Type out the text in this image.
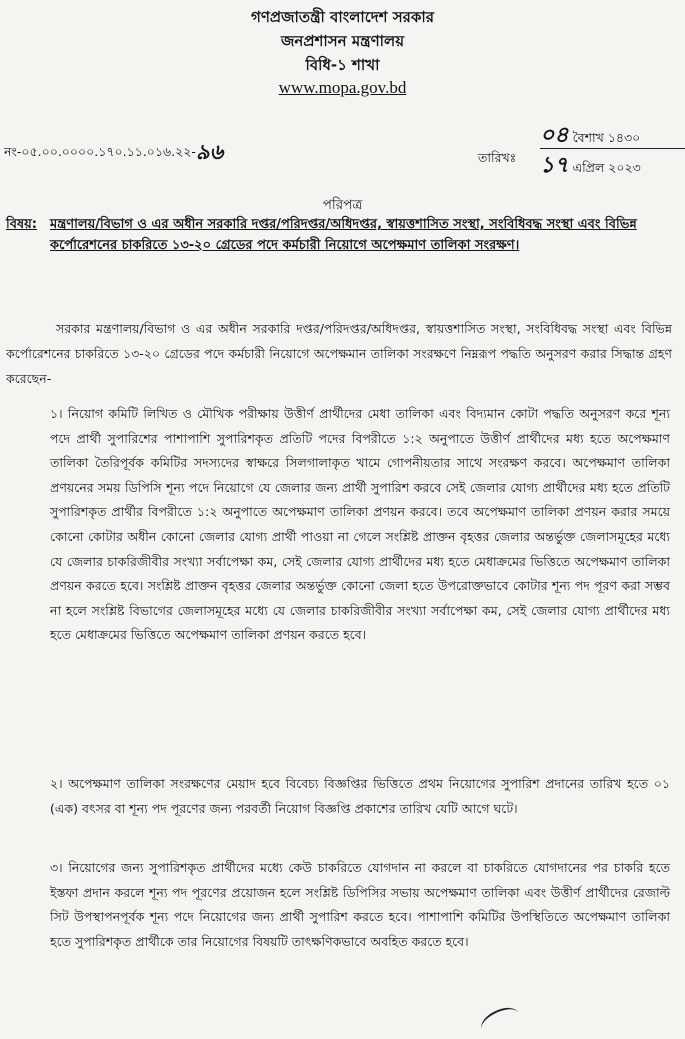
গণপ্রজাতন্ত্রী বাংলাদেশ সরকার
জনপ্রশাসন মন্ত্রণালয়
বিধি-১ শাখা
www.mopa.gov.bd
নং-০৫.০০.০০০০.১৭০.১১.০১৬.২২-৯৬	তারিখঃ
০৪ বৈশাখ ১৪৩০
১৭ এপ্রিল ২০২৩
পরিপত্র
বিষয়: মন্ত্রণালয়/বিভাগ ও এর অধীন সরকারি দপ্তর/পরিদপ্তর/অধিদপ্তর, স্বায়ত্তশাসিত সংস্থা, সংবিধিবদ্ধ সংস্থা এবং বিভিন্ন কর্পোরেশনের চাকরিতে ১৩-২০ গ্রেডের পদে কর্মচারী নিয়োগে অপেক্ষমাণ তালিকা সংরক্ষণ।
সরকার মন্ত্রণালয়/বিভাগ ও এর অধীন সরকারি দপ্তর/পরিদপ্তর/অধিদপ্তর, স্বায়ত্তশাসিত সংস্থা, সংবিধিবদ্ধ সংস্থা এবং বিভিন্ন কর্পোরেশনের চাকরিতে ১৩-২০ গ্রেডের পদে কর্মচারী নিয়োগে অপেক্ষমান তালিকা সংরক্ষণে নিম্নরূপ পদ্ধতি অনুসরণ করার সিদ্ধান্ত গ্রহণ করেছেন-
১। নিয়োগ কমিটি লিখিত ও মৌখিক পরীক্ষায় উত্তীর্ণ প্রার্থীদের মেধা তালিকা এবং বিদ্যমান কোটা পদ্ধতি অনুসরণ করে শূন্য পদে প্রার্থী সুপারিশের পাশাপাশি সুপারিশকৃত প্রতিটি পদের বিপরীতে ১:২ অনুপাতে উত্তীর্ণ প্রার্থীদের মধ্য হতে অপেক্ষমাণ তালিকা তৈরিপূর্বক কমিটির সদস্যদের স্বাক্ষরে সিলগালাকৃত খামে গোপনীয়তার সাথে সংরক্ষণ করবে। অপেক্ষমাণ তালিকা প্রণয়নের সময় ডিপিসি শূন্য পদে নিয়োগে যে জেলার জন্য প্রার্থী সুপারিশ করবে সেই জেলার যোগ্য প্রার্থীদের মধ্য হতে প্রতিটি সুপারিশকৃত প্রার্থীর বিপরীতে ১:২ অনুপাতে অপেক্ষমাণ তালিকা প্রণয়ন করবে। তবে অপেক্ষমাণ তালিকা প্রণয়ন করার সময়ে কোনো কোটার অধীন কোনো জেলার যোগ্য প্রার্থী পাওয়া না গেলে সংশ্লিষ্ট প্রাক্তন বৃহত্তর জেলার অন্তর্ভুক্ত জেলাসমূহের মধ্যে যে জেলার চাকরিজীবীর সংখ্যা সর্বাপেক্ষা কম, সেই জেলার যোগ্য প্রার্থীদের মধ্য হতে মেধাক্রমের ভিত্তিতে অপেক্ষমাণ তালিকা প্রণয়ন করতে হবে। সংশ্লিষ্ট প্রাক্তন বৃহত্তর জেলার অন্তর্ভুক্ত কোনো জেলা হতে উপরোক্তভাবে কোটার শূন্য পদ পূরণ করা সম্ভব না হলে সংশ্লিষ্ট বিভাগের জেলাসমূহের মধ্যে যে জেলার চাকরিজীবীর সংখ্যা সর্বাপেক্ষা কম, সেই জেলার যোগ্য প্রার্থীদের মধ্য হতে মেধাক্রমের ভিত্তিতে অপেক্ষমাণ তালিকা প্রণয়ন করতে হবে।
২। অপেক্ষমাণ তালিকা সংরক্ষণের মেয়াদ হবে বিবেচ্য বিজ্ঞপ্তির ভিত্তিতে প্রথম নিয়োগের সুপারিশ প্রদানের তারিখ হতে ০১ (এক) বৎসর বা শূন্য পদ পূরণের জন্য পরবর্তী নিয়োগ বিজ্ঞপ্তি প্রকাশের তারিখ যেটি আগে ঘটে।
৩। নিয়োগের জন্য সুপারিশকৃত প্রার্থীদের মধ্যে কেউ চাকরিতে যোগদান না করলে বা চাকরিতে যোগদানের পর চাকরি হতে ইস্তফা প্রদান করলে শূন্য পদ পূরণের প্রয়োজন হলে সংশ্লিষ্ট ডিপিসির সভায় অপেক্ষমাণ তালিকা এবং উত্তীর্ণ প্রার্থীদের রেজাল্ট সিট উপস্থাপনপূর্বক শূন্য পদে নিয়োগের জন্য প্রার্থী সুপারিশ করতে হবে। পাশাপাশি কমিটির উপস্থিতিতে অপেক্ষমাণ তালিকা হতে সুপারিশকৃত প্রার্থীকে তার নিয়োগের বিষয়টি তাৎক্ষণিকভাবে অবহিত করতে হবে।
